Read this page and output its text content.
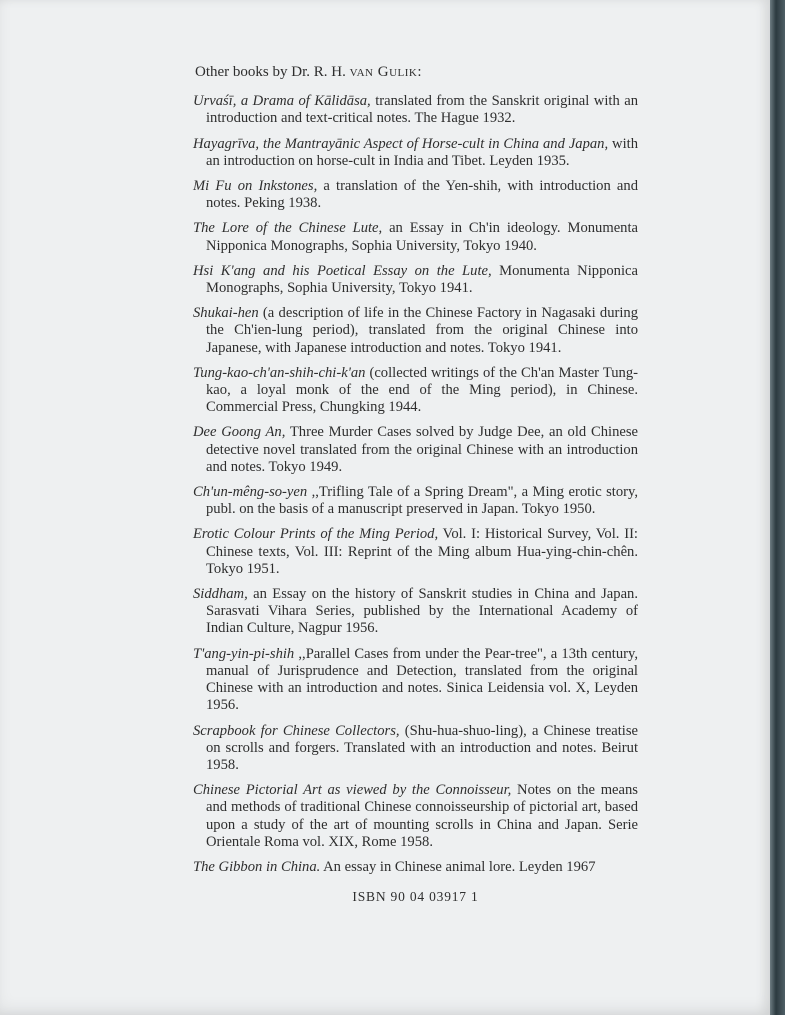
Other books by Dr. R. H. van Gulik:

Urvaśī, a Drama of Kālidāsa, translated from the Sanskrit original with an introduction and text-critical notes. The Hague 1932.

Hayagrīva, the Mantrayānic Aspect of Horse-cult in China and Japan, with an introduction on horse-cult in India and Tibet. Leyden 1935.

Mi Fu on Inkstones, a translation of the Yen-shih, with introduction and notes. Peking 1938.

The Lore of the Chinese Lute, an Essay in Ch'in ideology. Monumenta Nipponica Monographs, Sophia University, Tokyo 1940.

Hsi K'ang and his Poetical Essay on the Lute, Monumenta Nipponica Monographs, Sophia University, Tokyo 1941.

Shukai-hen (a description of life in the Chinese Factory in Nagasaki during the Ch'ien-lung period), translated from the original Chinese into Japanese, with Japanese introduction and notes. Tokyo 1941.

Tung-kao-ch'an-shih-chi-k'an (collected writings of the Ch'an Master Tung-kao, a loyal monk of the end of the Ming period), in Chinese. Commercial Press, Chungking 1944.

Dee Goong An, Three Murder Cases solved by Judge Dee, an old Chinese detective novel translated from the original Chinese with an introduction and notes. Tokyo 1949.

Ch'un-mêng-so-yen ,,Trifling Tale of a Spring Dream", a Ming erotic story, publ. on the basis of a manuscript preserved in Japan. Tokyo 1950.

Erotic Colour Prints of the Ming Period, Vol. I: Historical Survey, Vol. II: Chinese texts, Vol. III: Reprint of the Ming album Hua-ying-chin-chên. Tokyo 1951.

Siddham, an Essay on the history of Sanskrit studies in China and Japan. Sarasvati Vihara Series, published by the International Academy of Indian Culture, Nagpur 1956.

T'ang-yin-pi-shih ,,Parallel Cases from under the Pear-tree", a 13th century, manual of Jurisprudence and Detection, translated from the original Chinese with an introduction and notes. Sinica Leidensia vol. X, Leyden 1956.

Scrapbook for Chinese Collectors, (Shu-hua-shuo-ling), a Chinese treatise on scrolls and forgers. Translated with an introduction and notes. Beirut 1958.

Chinese Pictorial Art as viewed by the Connoisseur, Notes on the means and methods of traditional Chinese connoisseurship of pictorial art, based upon a study of the art of mounting scrolls in China and Japan. Serie Orientale Roma vol. XIX, Rome 1958.

The Gibbon in China. An essay in Chinese animal lore. Leyden 1967

ISBN 90 04 03917 1
